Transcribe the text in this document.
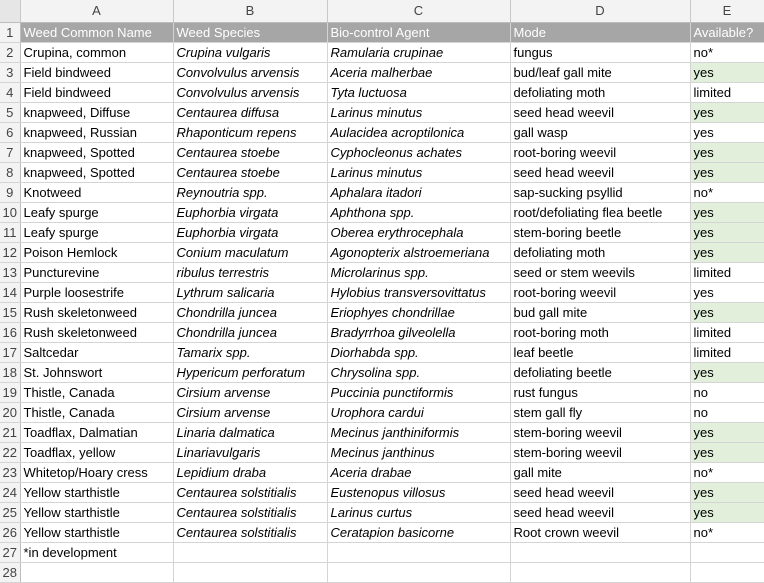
	A	B	C	D	E
1	Weed Common Name	Weed Species	Bio-control Agent	Mode	Available?
2	Crupina, common	Crupina vulgaris	Ramularia crupinae	fungus	no*
3	Field bindweed	Convolvulus arvensis	Aceria malherbae	bud/leaf gall mite	yes
4	Field bindweed	Convolvulus arvensis	Tyta luctuosa	defoliating moth	limited
5	knapweed, Diffuse	Centaurea diffusa	Larinus minutus	seed head weevil	yes
6	knapweed, Russian	Rhaponticum repens	Aulacidea acroptilonica	gall wasp	yes
7	knapweed, Spotted	Centaurea stoebe	Cyphocleonus achates	root-boring weevil	yes
8	knapweed, Spotted	Centaurea stoebe	Larinus minutus	seed head weevil	yes
9	Knotweed	Reynoutria spp.	Aphalara itadori	sap-sucking psyllid	no*
10	Leafy spurge	Euphorbia virgata	Aphthona spp.	root/defoliating flea beetle	yes
11	Leafy spurge	Euphorbia virgata	Oberea erythrocephala	stem-boring beetle	yes
12	Poison Hemlock	Conium maculatum	Agonopterix alstroemeriana	defoliating moth	yes
13	Puncturevine	ribulus terrestris	Microlarinus spp.	seed or stem weevils	limited
14	Purple loosestrife	Lythrum salicaria	Hylobius transversovittatus	root-boring weevil	yes
15	Rush skeletonweed	Chondrilla juncea	Eriophyes chondrillae	bud gall mite	yes
16	Rush skeletonweed	Chondrilla juncea	Bradyrrhoa gilveolella	root-boring moth	limited
17	Saltcedar	Tamarix spp.	Diorhabda spp.	leaf beetle	limited
18	St. Johnswort	Hypericum perforatum	Chrysolina spp.	defoliating beetle	yes
19	Thistle, Canada	Cirsium arvense	Puccinia punctiformis	rust fungus	no
20	Thistle, Canada	Cirsium arvense	Urophora cardui	stem gall fly	no
21	Toadflax, Dalmatian	Linaria dalmatica	Mecinus janthiniformis	stem-boring weevil	yes
22	Toadflax, yellow	Linariavulgaris	Mecinus janthinus	stem-boring weevil	yes
23	Whitetop/Hoary cress	Lepidium draba	Aceria drabae	gall mite	no*
24	Yellow starthistle	Centaurea solstitialis	Eustenopus villosus	seed head weevil	yes
25	Yellow starthistle	Centaurea solstitialis	Larinus curtus	seed head weevil	yes
26	Yellow starthistle	Centaurea solstitialis	Ceratapion basicorne	Root crown weevil	no*
27	*in development				
28					
